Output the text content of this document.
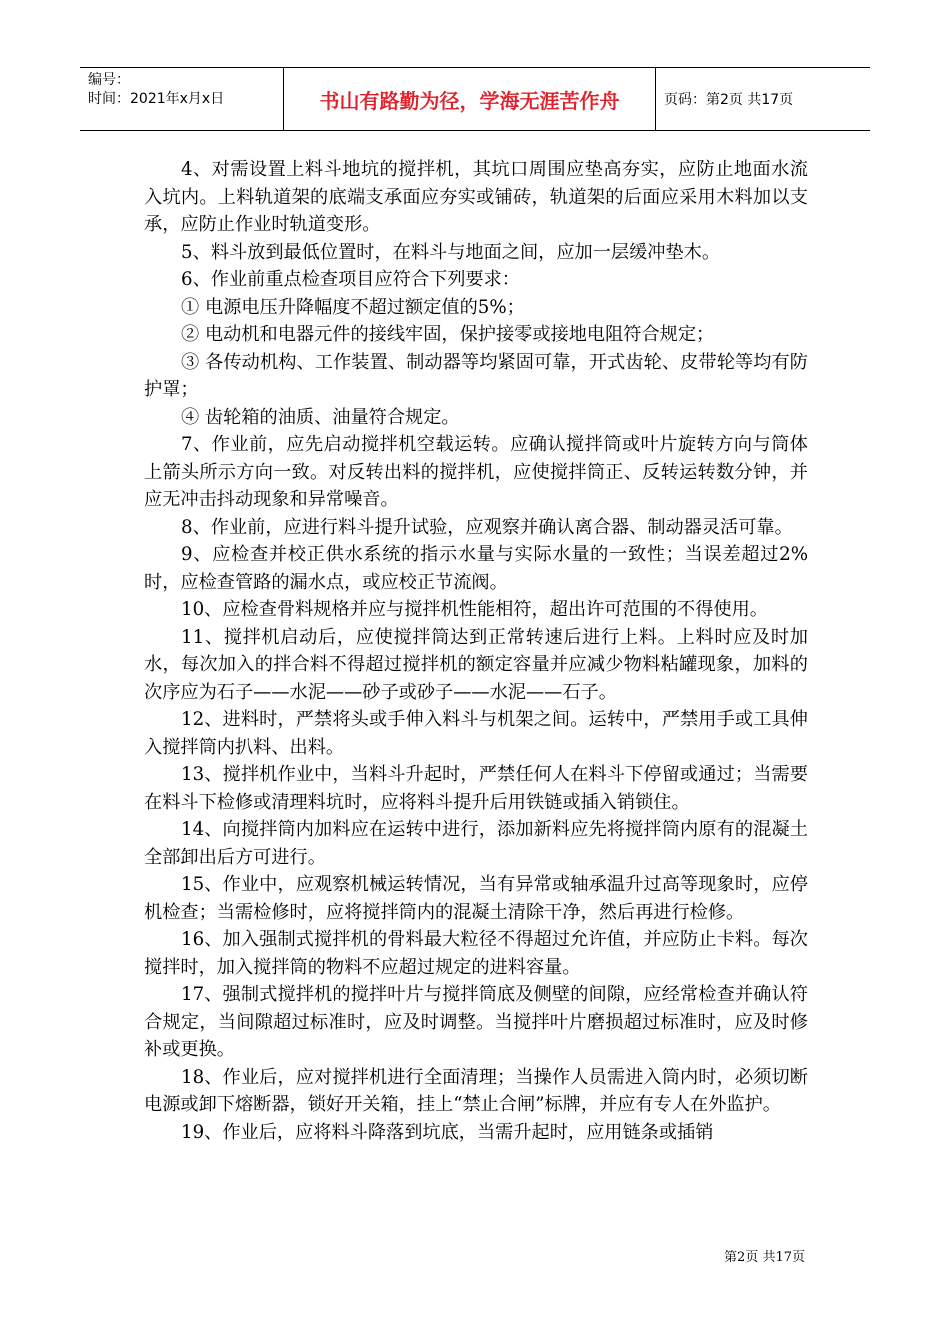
编号：
时间：2021年x月x日	书山有路勤为径，学海无涯苦作舟	页码：第2页 共17页

4、对需设置上料斗地坑的搅拌机，其坑口周围应垫高夯实，应防止地面水流入坑内。上料轨道架的底端支承面应夯实或铺砖，轨道架的后面应采用木料加以支承，应防止作业时轨道变形。

5、料斗放到最低位置时，在料斗与地面之间，应加一层缓冲垫木。

6、作业前重点检查项目应符合下列要求：

① 电源电压升降幅度不超过额定值的5%；

② 电动机和电器元件的接线牢固，保护接零或接地电阻符合规定；

③ 各传动机构、工作装置、制动器等均紧固可靠，开式齿轮、皮带轮等均有防护罩；

④ 齿轮箱的油质、油量符合规定。

7、作业前，应先启动搅拌机空载运转。应确认搅拌筒或叶片旋转方向与筒体上箭头所示方向一致。对反转出料的搅拌机，应使搅拌筒正、反转运转数分钟，并应无冲击抖动现象和异常噪音。

8、作业前，应进行料斗提升试验，应观察并确认离合器、制动器灵活可靠。

9、应检查并校正供水系统的指示水量与实际水量的一致性；当误差超过2%时，应检查管路的漏水点，或应校正节流阀。

10、应检查骨料规格并应与搅拌机性能相符，超出许可范围的不得使用。

11、搅拌机启动后，应使搅拌筒达到正常转速后进行上料。上料时应及时加水，每次加入的拌合料不得超过搅拌机的额定容量并应减少物料粘罐现象，加料的次序应为石子——水泥——砂子或砂子——水泥——石子。

12、进料时，严禁将头或手伸入料斗与机架之间。运转中，严禁用手或工具伸入搅拌筒内扒料、出料。

13、搅拌机作业中，当料斗升起时，严禁任何人在料斗下停留或通过；当需要在料斗下检修或清理料坑时，应将料斗提升后用铁链或插入销锁住。

14、向搅拌筒内加料应在运转中进行，添加新料应先将搅拌筒内原有的混凝土全部卸出后方可进行。

15、作业中，应观察机械运转情况，当有异常或轴承温升过高等现象时，应停机检查；当需检修时，应将搅拌筒内的混凝土清除干净，然后再进行检修。

16、加入强制式搅拌机的骨料最大粒径不得超过允许值，并应防止卡料。每次搅拌时，加入搅拌筒的物料不应超过规定的进料容量。

17、强制式搅拌机的搅拌叶片与搅拌筒底及侧壁的间隙，应经常检查并确认符合规定，当间隙超过标准时，应及时调整。当搅拌叶片磨损超过标准时，应及时修补或更换。

18、作业后，应对搅拌机进行全面清理；当操作人员需进入筒内时，必须切断电源或卸下熔断器，锁好开关箱，挂上“禁止合闸”标牌，并应有专人在外监护。

19、作业后，应将料斗降落到坑底，当需升起时，应用链条或插销

第2页 共17页
